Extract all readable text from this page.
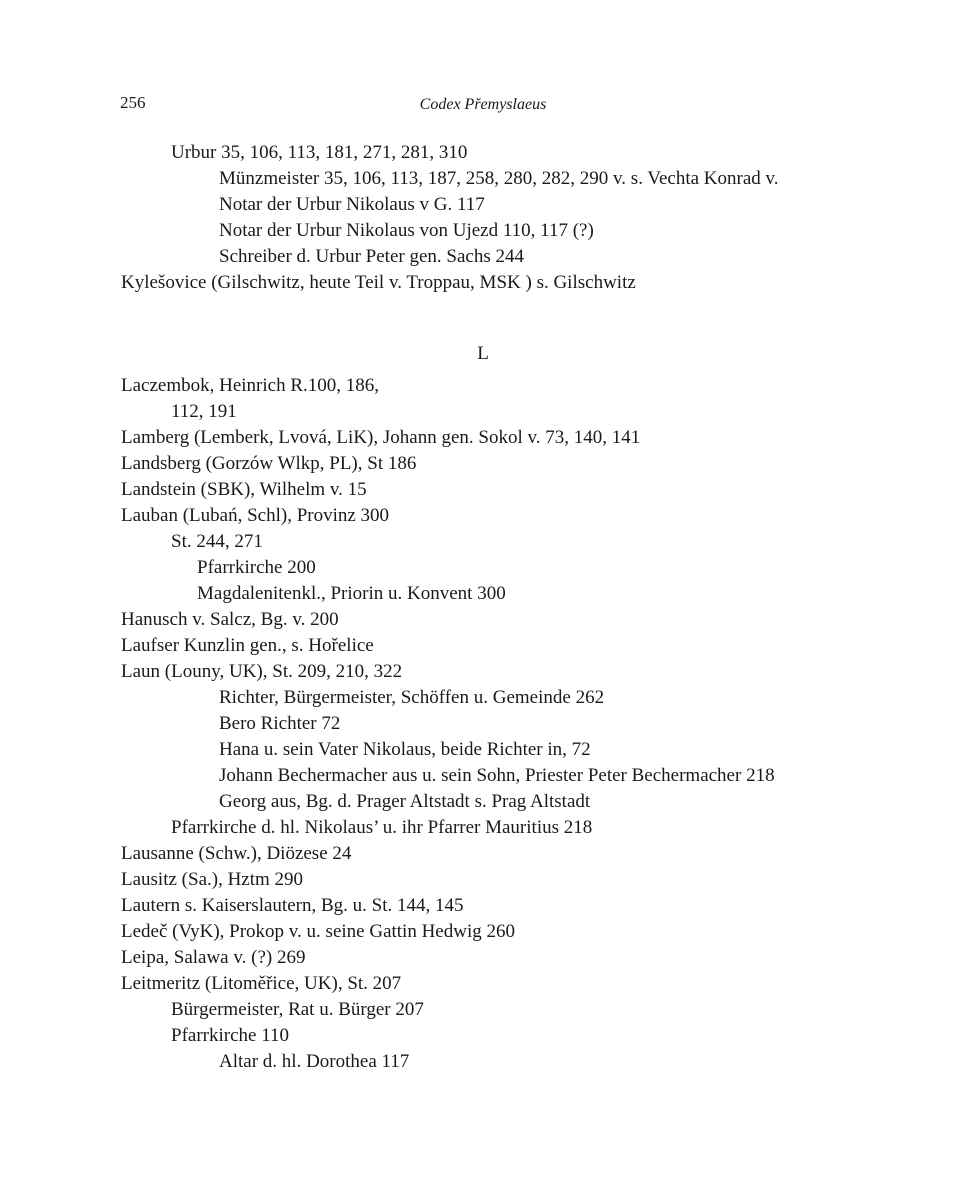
256	Codex Přemyslaeus
Urbur 35, 106, 113, 181, 271, 281, 310
Münzmeister 35, 106, 113, 187, 258, 280, 282, 290 v. s. Vechta Konrad v.
Notar der Urbur Nikolaus v G. 117
Notar der Urbur Nikolaus von Ujezd 110, 117 (?)
Schreiber d. Urbur Peter gen. Sachs 244
Kylešovice (Gilschwitz, heute Teil v. Troppau, MSK ) s. Gilschwitz
L
Laczembok, Heinrich R.100, 186,
112, 191
Lamberg (Lemberk, Lvová, LiK), Johann gen. Sokol v. 73, 140, 141
Landsberg (Gorzów Wlkp, PL), St 186
Landstein (SBK), Wilhelm v. 15
Lauban (Lubań, Schl), Provinz 300
St. 244, 271
Pfarrkirche 200
Magdalenitenkl., Priorin u. Konvent 300
Hanusch v. Salcz, Bg. v. 200
Laufser Kunzlin gen., s. Hořelice
Laun (Louny, UK), St. 209, 210, 322
Richter, Bürgermeister, Schöffen u. Gemeinde 262
Bero Richter 72
Hana u. sein Vater Nikolaus, beide Richter in, 72
Johann Bechermacher aus u. sein Sohn, Priester Peter Bechermacher 218
Georg aus, Bg. d. Prager Altstadt s. Prag Altstadt
Pfarrkirche d. hl. Nikolaus’ u. ihr Pfarrer Mauritius 218
Lausanne (Schw.), Diözese 24
Lausitz (Sa.), Hztm 290
Lautern s. Kaiserslautern, Bg. u. St. 144, 145
Ledeč (VyK), Prokop v. u. seine Gattin Hedwig 260
Leipa, Salawa v. (?) 269
Leitmeritz (Litoměřice, UK), St. 207
Bürgermeister, Rat u. Bürger 207
Pfarrkirche 110
Altar d. hl. Dorothea 117
